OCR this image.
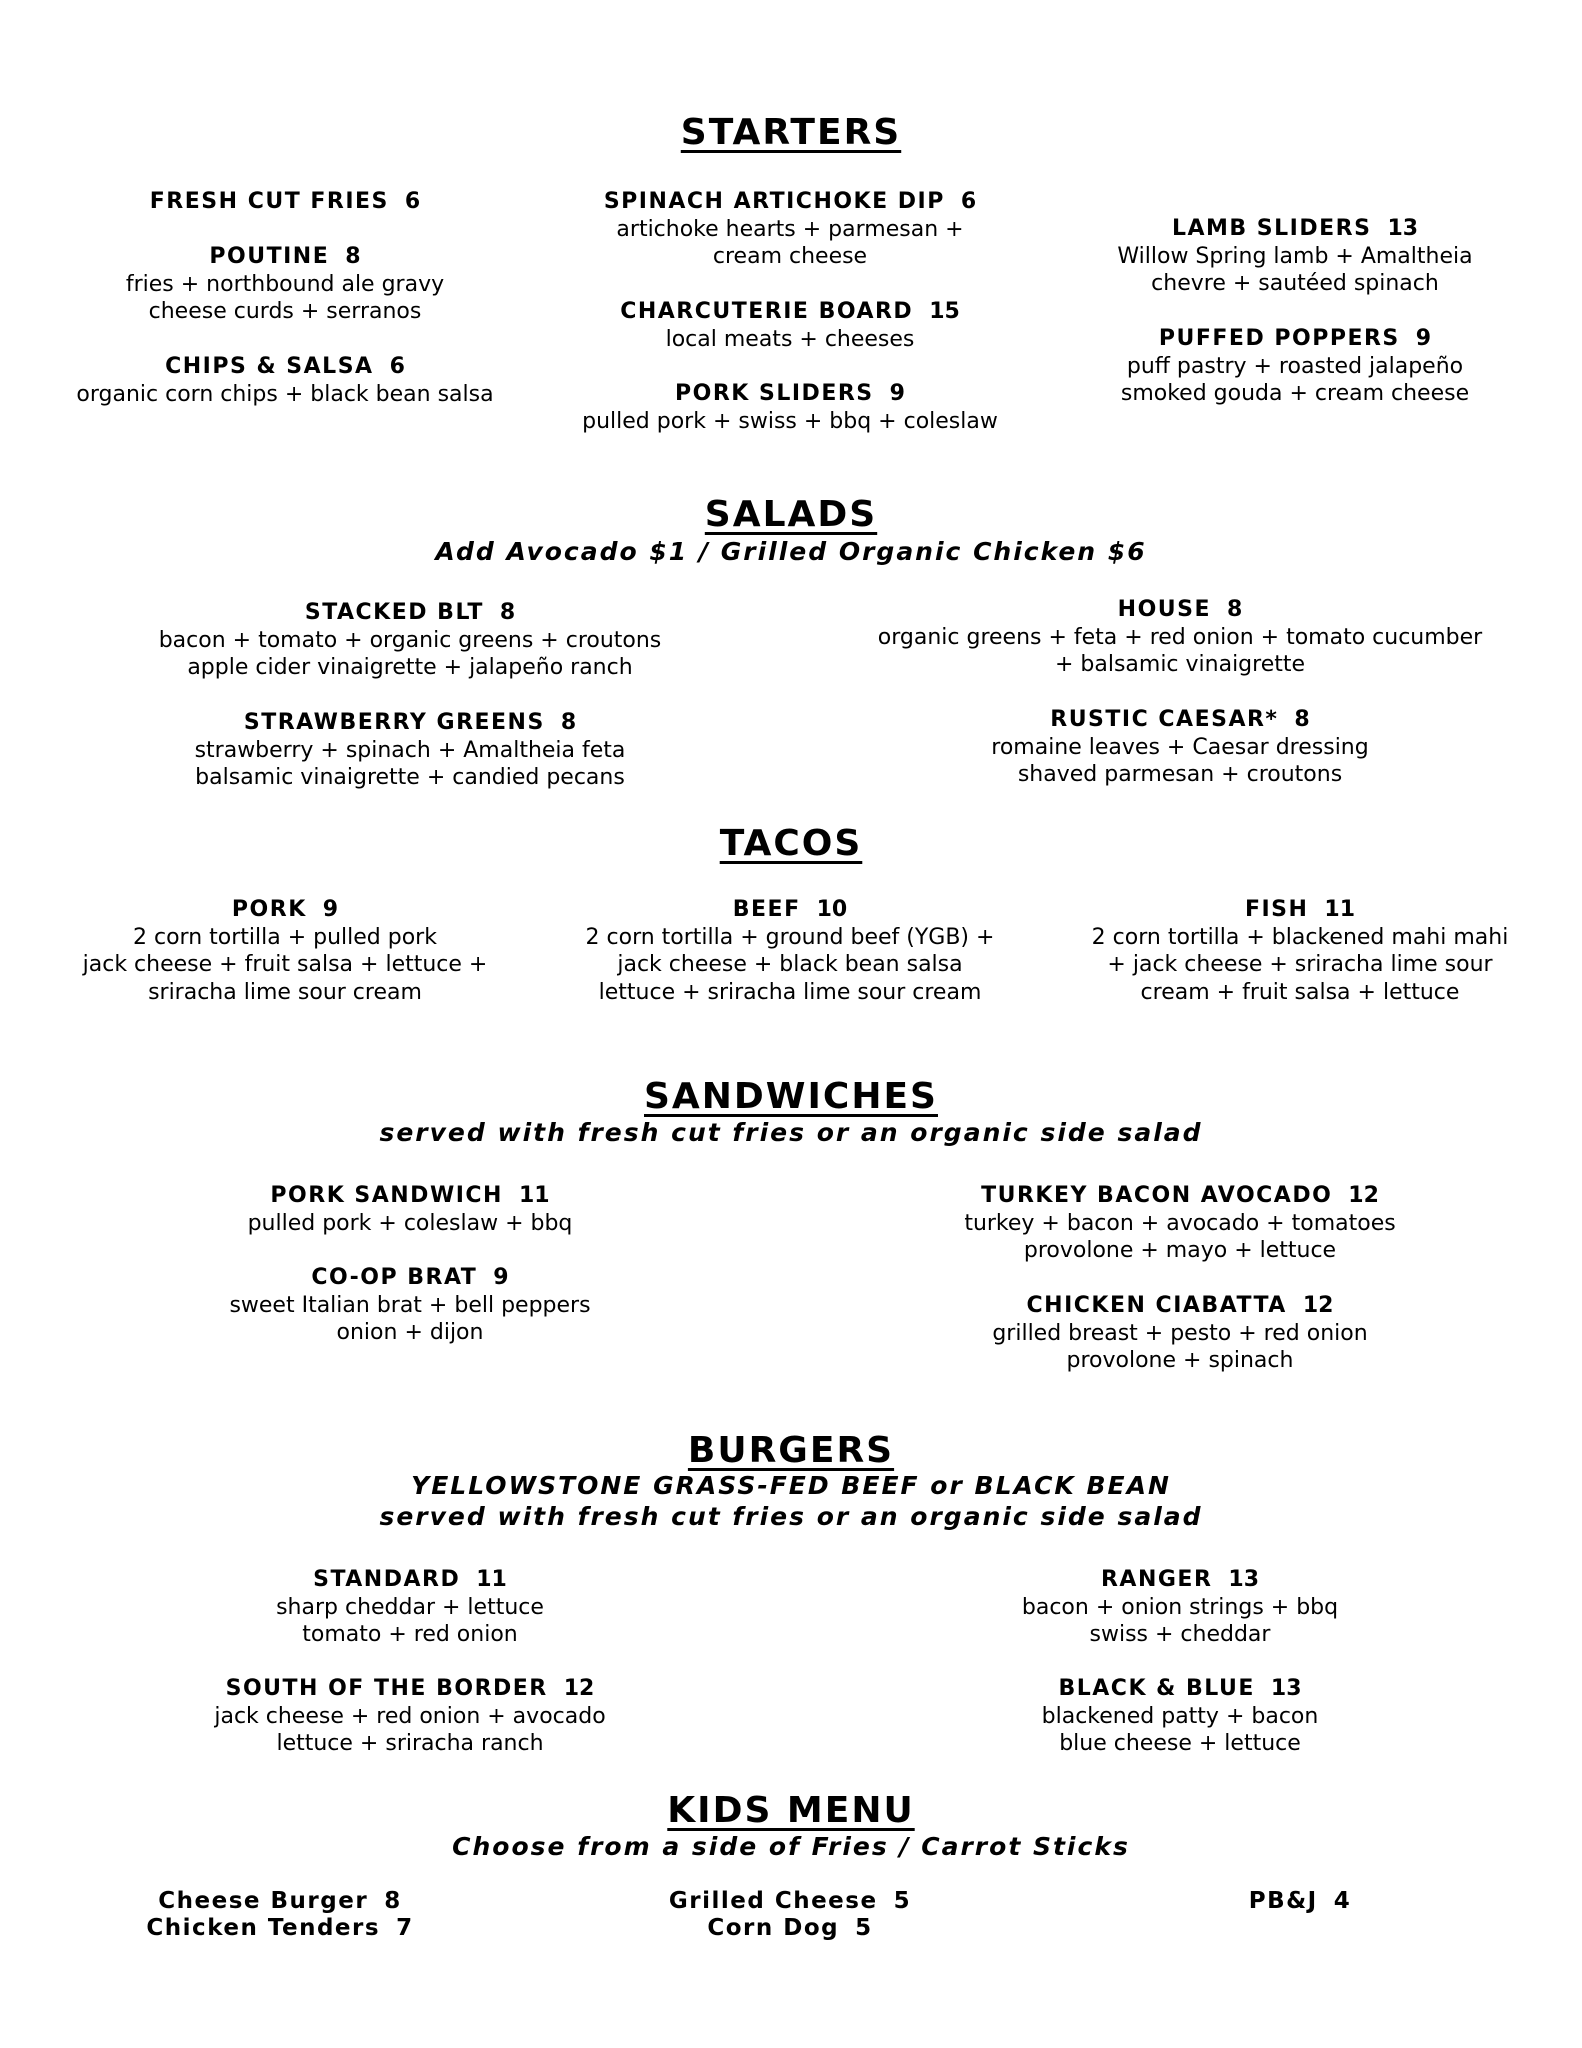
STARTERS
FRESH CUT FRIES 6
POUTINE 8
fries + northbound ale gravy
cheese curds + serranos
CHIPS & SALSA 6
organic corn chips + black bean salsa
SPINACH ARTICHOKE DIP 6
artichoke hearts + parmesan +
cream cheese
CHARCUTERIE BOARD 15
local meats + cheeses
PORK SLIDERS 9
pulled pork + swiss + bbq + coleslaw
LAMB SLIDERS 13
Willow Spring lamb + Amaltheia
chevre + sautéed spinach
PUFFED POPPERS 9
puff pastry + roasted jalapeño
smoked gouda + cream cheese
SALADS
Add Avocado $1 / Grilled Organic Chicken $6
STACKED BLT 8
bacon + tomato + organic greens + croutons
apple cider vinaigrette + jalapeño ranch
STRAWBERRY GREENS 8
strawberry + spinach + Amaltheia feta
balsamic vinaigrette + candied pecans
HOUSE 8
organic greens + feta + red onion + tomato cucumber
+ balsamic vinaigrette
RUSTIC CAESAR* 8
romaine leaves + Caesar dressing
shaved parmesan + croutons
TACOS
PORK 9
2 corn tortilla + pulled pork
jack cheese + fruit salsa + lettuce +
sriracha lime sour cream
BEEF 10
2 corn tortilla + ground beef (YGB) +
jack cheese + black bean salsa
lettuce + sriracha lime sour cream
FISH 11
2 corn tortilla + blackened mahi mahi
+ jack cheese + sriracha lime sour
cream + fruit salsa + lettuce
SANDWICHES
served with fresh cut fries or an organic side salad
PORK SANDWICH 11
pulled pork + coleslaw + bbq
CO-OP BRAT 9
sweet Italian brat + bell peppers
onion + dijon
TURKEY BACON AVOCADO 12
turkey + bacon + avocado + tomatoes
provolone + mayo + lettuce
CHICKEN CIABATTA 12
grilled breast + pesto + red onion
provolone + spinach
BURGERS
YELLOWSTONE GRASS-FED BEEF or BLACK BEAN
served with fresh cut fries or an organic side salad
STANDARD 11
sharp cheddar + lettuce
tomato + red onion
SOUTH OF THE BORDER 12
jack cheese + red onion + avocado
lettuce + sriracha ranch
RANGER 13
bacon + onion strings + bbq
swiss + cheddar
BLACK & BLUE 13
blackened patty + bacon
blue cheese + lettuce
KIDS MENU
Choose from a side of Fries / Carrot Sticks
Cheese Burger 8
Chicken Tenders 7
Grilled Cheese 5
Corn Dog 5
PB&J 4
